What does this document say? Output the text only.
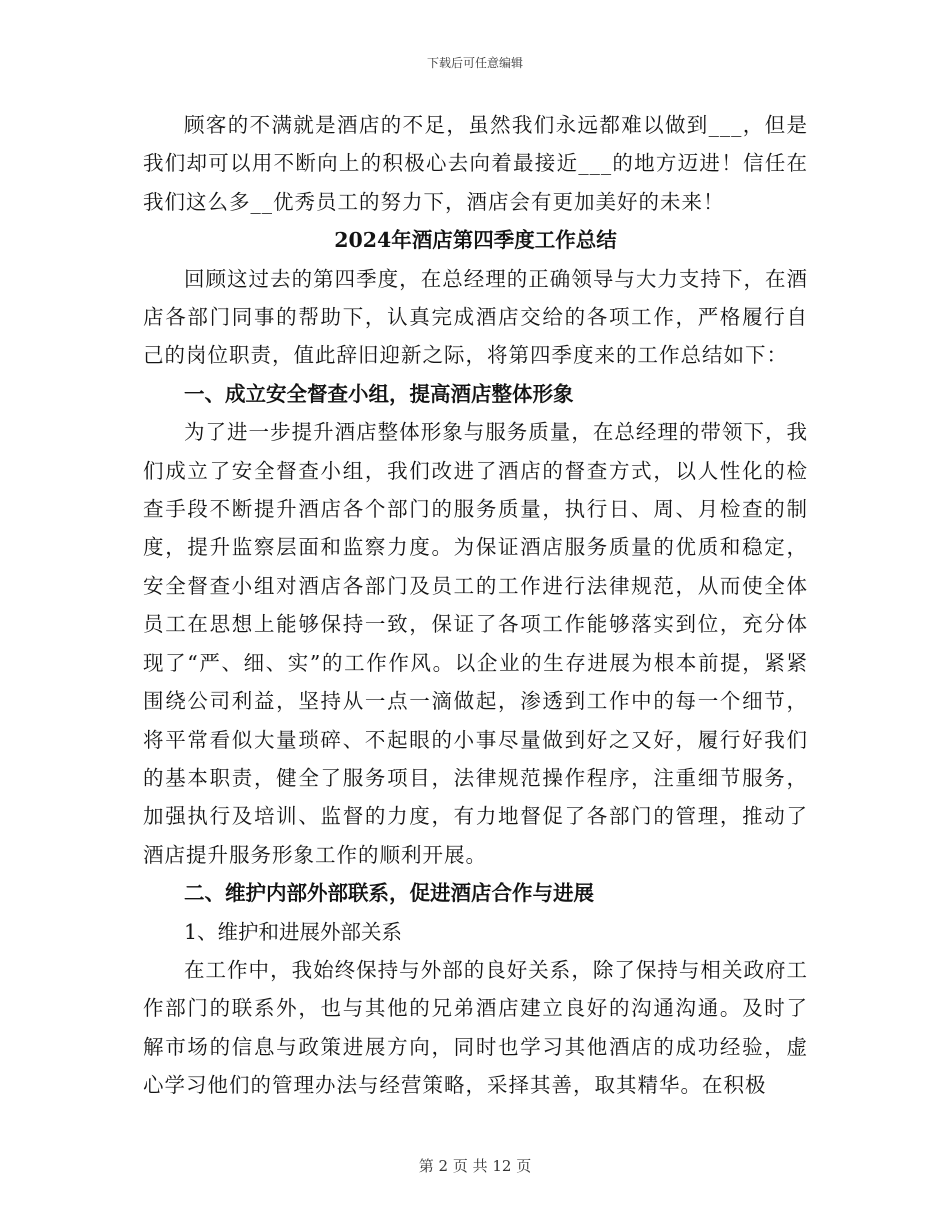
下载后可任意编辑

顾客的不满就是酒店的不足，虽然我们永远都难以做到___，但是我们却可以用不断向上的积极心去向着最接近___的地方迈进！信任在我们这么多__优秀员工的努力下，酒店会有更加美好的未来！

2024年酒店第四季度工作总结

回顾这过去的第四季度，在总经理的正确领导与大力支持下，在酒店各部门同事的帮助下，认真完成酒店交给的各项工作，严格履行自己的岗位职责，值此辞旧迎新之际，将第四季度来的工作总结如下：

一、成立安全督查小组，提高酒店整体形象

为了进一步提升酒店整体形象与服务质量，在总经理的带领下，我们成立了安全督查小组，我们改进了酒店的督查方式，以人性化的检查手段不断提升酒店各个部门的服务质量，执行日、周、月检查的制度，提升监察层面和监察力度。为保证酒店服务质量的优质和稳定，安全督查小组对酒店各部门及员工的工作进行法律规范，从而使全体员工在思想上能够保持一致，保证了各项工作能够落实到位，充分体现了“严、细、实”的工作作风。以企业的生存进展为根本前提，紧紧围绕公司利益，坚持从一点一滴做起，渗透到工作中的每一个细节，将平常看似大量琐碎、不起眼的小事尽量做到好之又好，履行好我们的基本职责，健全了服务项目，法律规范操作程序，注重细节服务，加强执行及培训、监督的力度，有力地督促了各部门的管理，推动了酒店提升服务形象工作的顺利开展。

二、维护内部外部联系，促进酒店合作与进展

1、维护和进展外部关系

在工作中，我始终保持与外部的良好关系，除了保持与相关政府工作部门的联系外，也与其他的兄弟酒店建立良好的沟通沟通。及时了解市场的信息与政策进展方向，同时也学习其他酒店的成功经验，虚心学习他们的管理办法与经营策略，采择其善，取其精华。在积极

第 2 页 共 12 页
